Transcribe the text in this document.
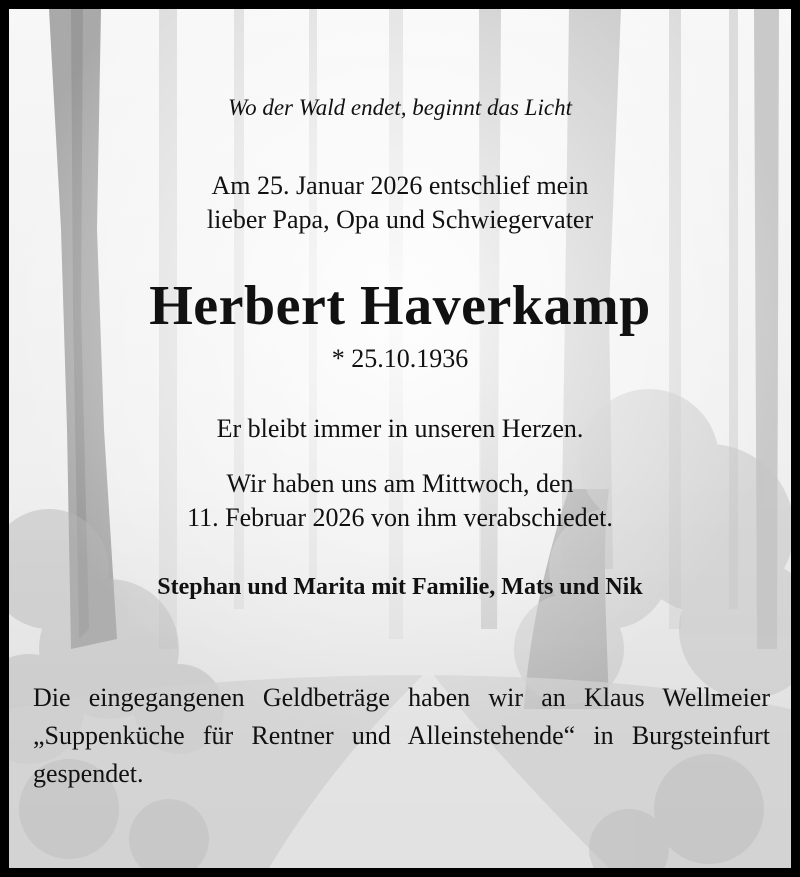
Wo der Wald endet, beginnt das Licht

Am 25. Januar 2026 entschlief mein

lieber Papa, Opa und Schwiegervater

Herbert Haverkamp

* 25.10.1936

Er bleibt immer in unseren Herzen.

Wir haben uns am Mittwoch, den

11. Februar 2026 von ihm verabschiedet.

Stephan und Marita mit Familie, Mats und Nik

Die eingegangenen Geldbeträge haben wir an Klaus Wellmeier „Suppenküche für Rentner und Alleinstehende“ in Burgsteinfurt gespendet.
